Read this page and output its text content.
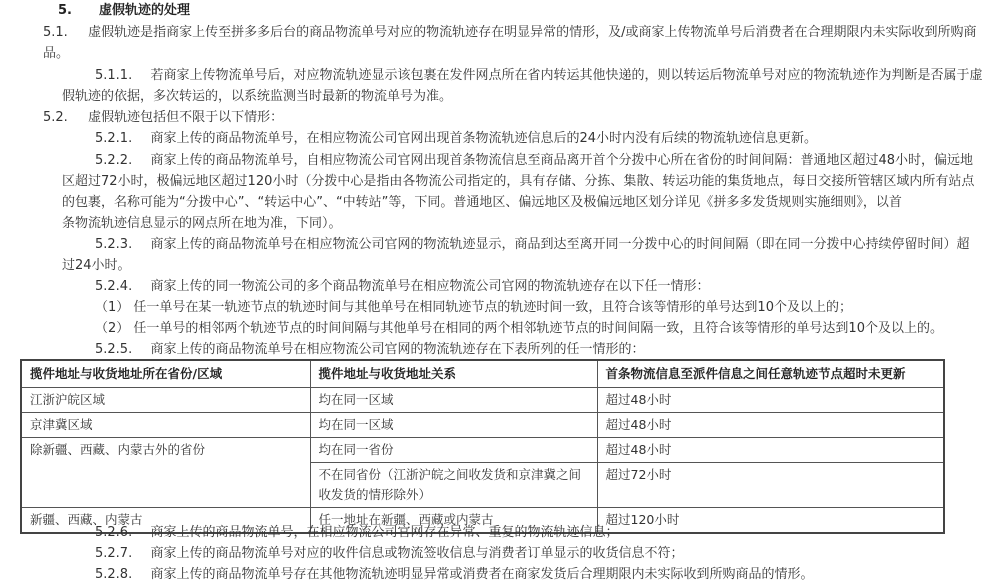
5. 虚假轨迹的处理
5.1. 虚假轨迹是指商家上传至拼多多后台的商品物流单号对应的物流轨迹存在明显异常的情形，及/或商家上传物流单号后消费者在合理期限内未实际收到所购商
品。
5.1.1. 若商家上传物流单号后，对应物流轨迹显示该包裹在发件网点所在省内转运其他快递的，则以转运后物流单号对应的物流轨迹作为判断是否属于虚
假轨迹的依据，多次转运的，以系统监测当时最新的物流单号为准。
5.2. 虚假轨迹包括但不限于以下情形：
5.2.1. 商家上传的商品物流单号，在相应物流公司官网出现首条物流轨迹信息后的24小时内没有后续的物流轨迹信息更新。
5.2.2. 商家上传的商品物流单号，自相应物流公司官网出现首条物流信息至商品离开首个分拨中心所在省份的时间间隔：普通地区超过48小时，偏远地
区超过72小时，极偏远地区超过120小时（分拨中心是指由各物流公司指定的，具有存储、分拣、集散、转运功能的集货地点，每日交接所管辖区域内所有站点
的包裹，名称可能为“分拨中心”、“转运中心”、“中转站”等，下同。普通地区、偏远地区及极偏远地区划分详见《拼多多发货规则实施细则》，以首
条物流轨迹信息显示的网点所在地为准，下同）。
5.2.3. 商家上传的商品物流单号在相应物流公司官网的物流轨迹显示，商品到达至离开同一分拨中心的时间间隔（即在同一分拨中心持续停留时间）超
过24小时。
5.2.4. 商家上传的同一物流公司的多个商品物流单号在相应物流公司官网的物流轨迹存在以下任一情形：
（1） 任一单号在某一轨迹节点的轨迹时间与其他单号在相同轨迹节点的轨迹时间一致，且符合该等情形的单号达到10个及以上的；
（2） 任一单号的相邻两个轨迹节点的时间间隔与其他单号在相同的两个相邻轨迹节点的时间间隔一致，且符合该等情形的单号达到10个及以上的。
5.2.5. 商家上传的商品物流单号在相应物流公司官网的物流轨迹存在下表所列的任一情形的：
揽件地址与收货地址所在省份/区域	揽件地址与收货地址关系	首条物流信息至派件信息之间任意轨迹节点超时未更新
江浙沪皖区域	均在同一区域	超过48小时
京津冀区域	均在同一区域	超过48小时
除新疆、西藏、内蒙古外的省份	均在同一省份	超过48小时
	不在同省份（江浙沪皖之间收发货和京津冀之间收发货的情形除外）	超过72小时
新疆、西藏、内蒙古	任一地址在新疆、西藏或内蒙古	超过120小时
5.2.6. 商家上传的商品物流单号，在相应物流公司官网存在异常、重复的物流轨迹信息；
5.2.7. 商家上传的商品物流单号对应的收件信息或物流签收信息与消费者订单显示的收货信息不符；
5.2.8. 商家上传的商品物流单号存在其他物流轨迹明显异常或消费者在商家发货后合理期限内未实际收到所购商品的情形。
